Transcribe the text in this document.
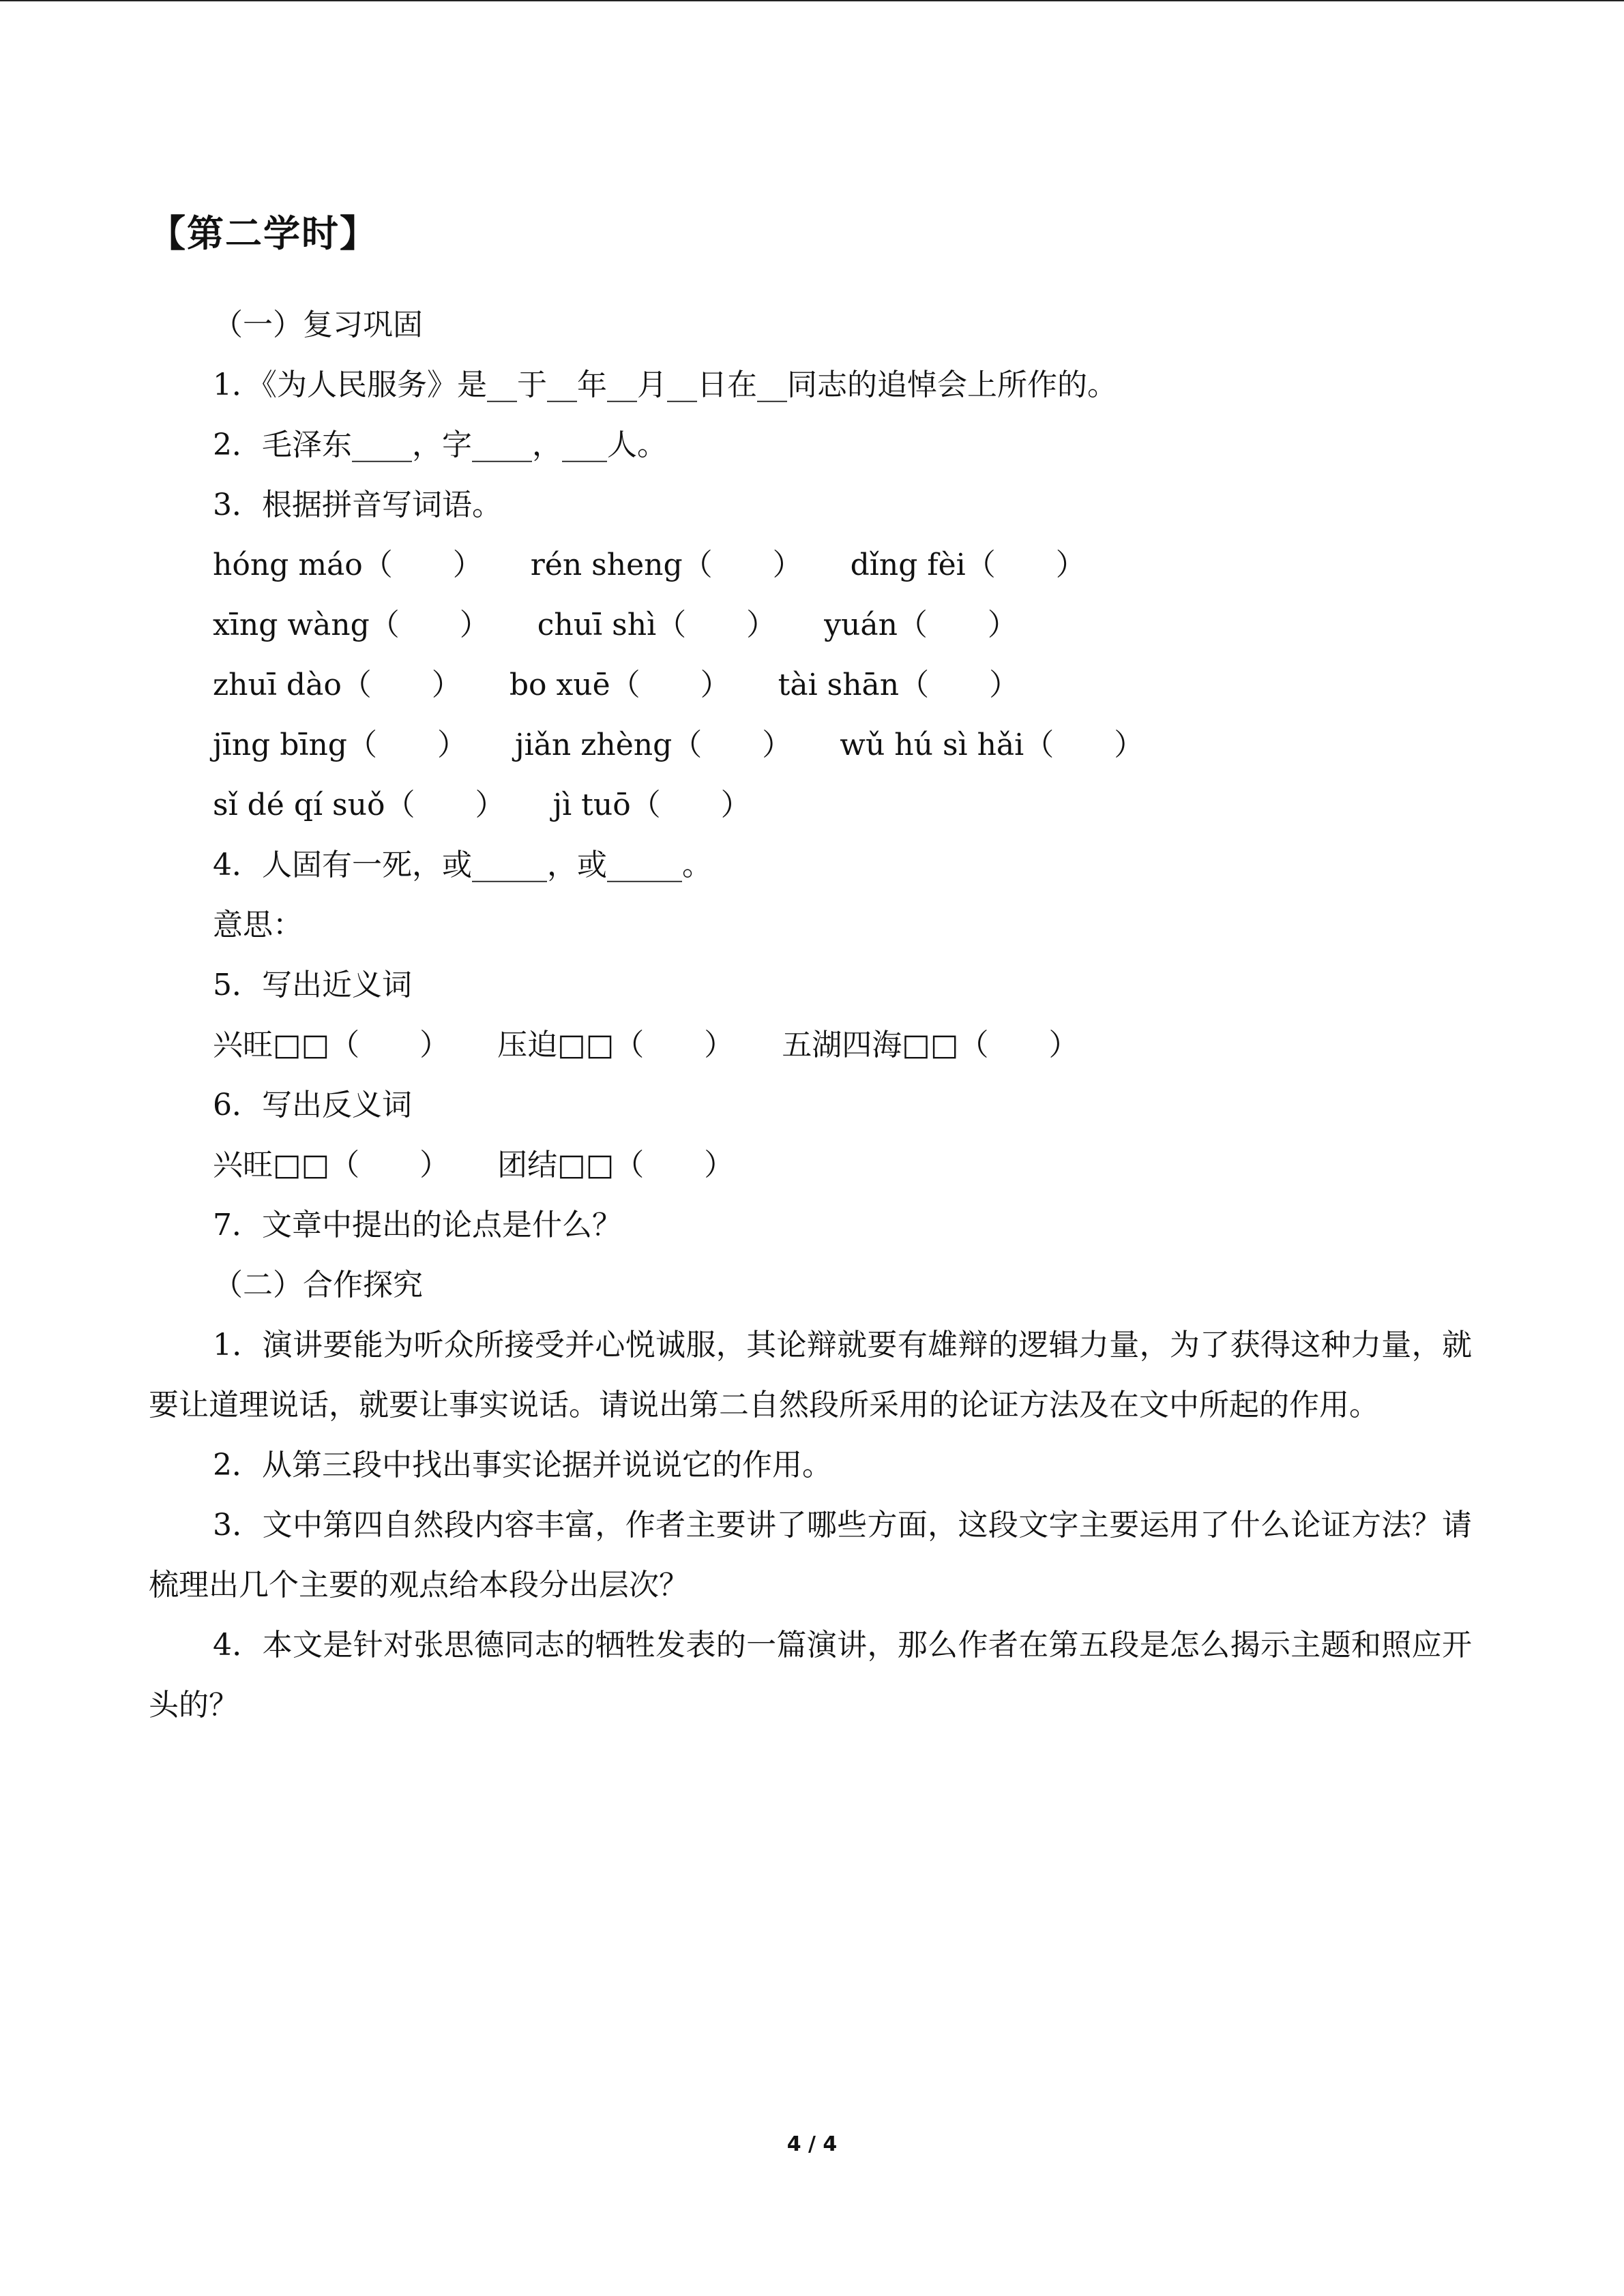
【第二学时】
（一）复习巩固
1．《为人民服务》是__于__年__月__日在__同志的追悼会上所作的。
2．毛泽东____，字____，___人。
3．根据拼音写词语。
hóng máo（　　） rén sheng（　　） dǐng fèi（　　）
xīng wàng（　　） chuī shì（　　） yuán（　　）
zhuī dào（　　） bo xuē（　　） tài shān（　　）
jīng bīng（　　） jiǎn zhèng（　　） wǔ hú sì hǎi（　　）
sǐ dé qí suǒ（　　） jì tuō（　　）
4．人固有一死，或_____，或_____。
意思：
5．写出近义词
兴旺□□（　　） 压迫□□（　　） 五湖四海□□（　　）
6．写出反义词
兴旺□□（　　） 团结□□（　　）
7．文章中提出的论点是什么？
（二）合作探究
1．演讲要能为听众所接受并心悦诚服，其论辩就要有雄辩的逻辑力量，为了获得这种力量，就要让道理说话，就要让事实说话。请说出第二自然段所采用的论证方法及在文中所起的作用。
2．从第三段中找出事实论据并说说它的作用。
3．文中第四自然段内容丰富，作者主要讲了哪些方面，这段文字主要运用了什么论证方法？请梳理出几个主要的观点给本段分出层次？
4．本文是针对张思德同志的牺牲发表的一篇演讲，那么作者在第五段是怎么揭示主题和照应开头的？
4 / 4
